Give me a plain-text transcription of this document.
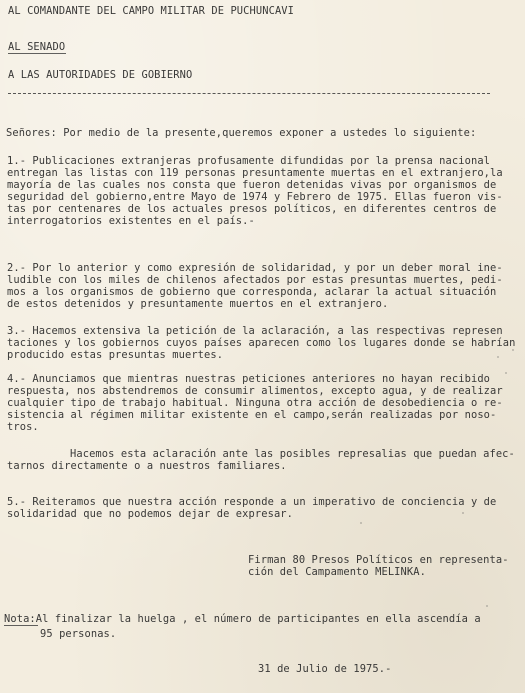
AL COMANDANTE DEL CAMPO MILITAR DE PUCHUNCAVI
AL SENADO
A LAS AUTORIDADES DE GOBIERNO
Señores: Por medio de la presente,queremos exponer a ustedes lo siguiente:
1.- Publicaciones extranjeras profusamente difundidas por la prensa nacional
entregan las listas con 119 personas presuntamente muertas en el extranjero,la
mayoría de las cuales nos consta que fueron detenidas vivas por organismos de
seguridad del gobierno,entre Mayo de 1974 y Febrero de 1975. Ellas fueron vis-
tas por centenares de los actuales presos políticos, en diferentes centros de
interrogatorios existentes en el país.-
2.- Por lo anterior y como expresión de solidaridad, y por un deber moral ine-
ludible con los miles de chilenos afectados por estas presuntas muertes, pedi-
mos a los organismos de gobierno que corresponda, aclarar la actual situación
de estos detenidos y presuntamente muertos en el extranjero.
3.- Hacemos extensiva la petición de la aclaración, a las respectivas represen
taciones y los gobiernos cuyos países aparecen como los lugares donde se habrían
producido estas presuntas muertes.
4.- Anunciamos que mientras nuestras peticiones anteriores no hayan recibido
respuesta, nos abstendremos de consumir alimentos, excepto agua, y de realizar
cualquier tipo de trabajo habitual. Ninguna otra acción de desobediencia o re-
sistencia al régimen militar existente en el campo,serán realizadas por noso-
tros.
Hacemos esta aclaración ante las posibles represalias que puedan afec-
tarnos directamente o a nuestros familiares.
5.- Reiteramos que nuestra acción responde a un imperativo de conciencia y de
solidaridad que no podemos dejar de expresar.
Firman 80 Presos Políticos en representa-
ción del Campamento MELINKA.
Nota:Al finalizar la huelga , el número de participantes en ella ascendía a
95 personas.
31 de Julio de 1975.-
